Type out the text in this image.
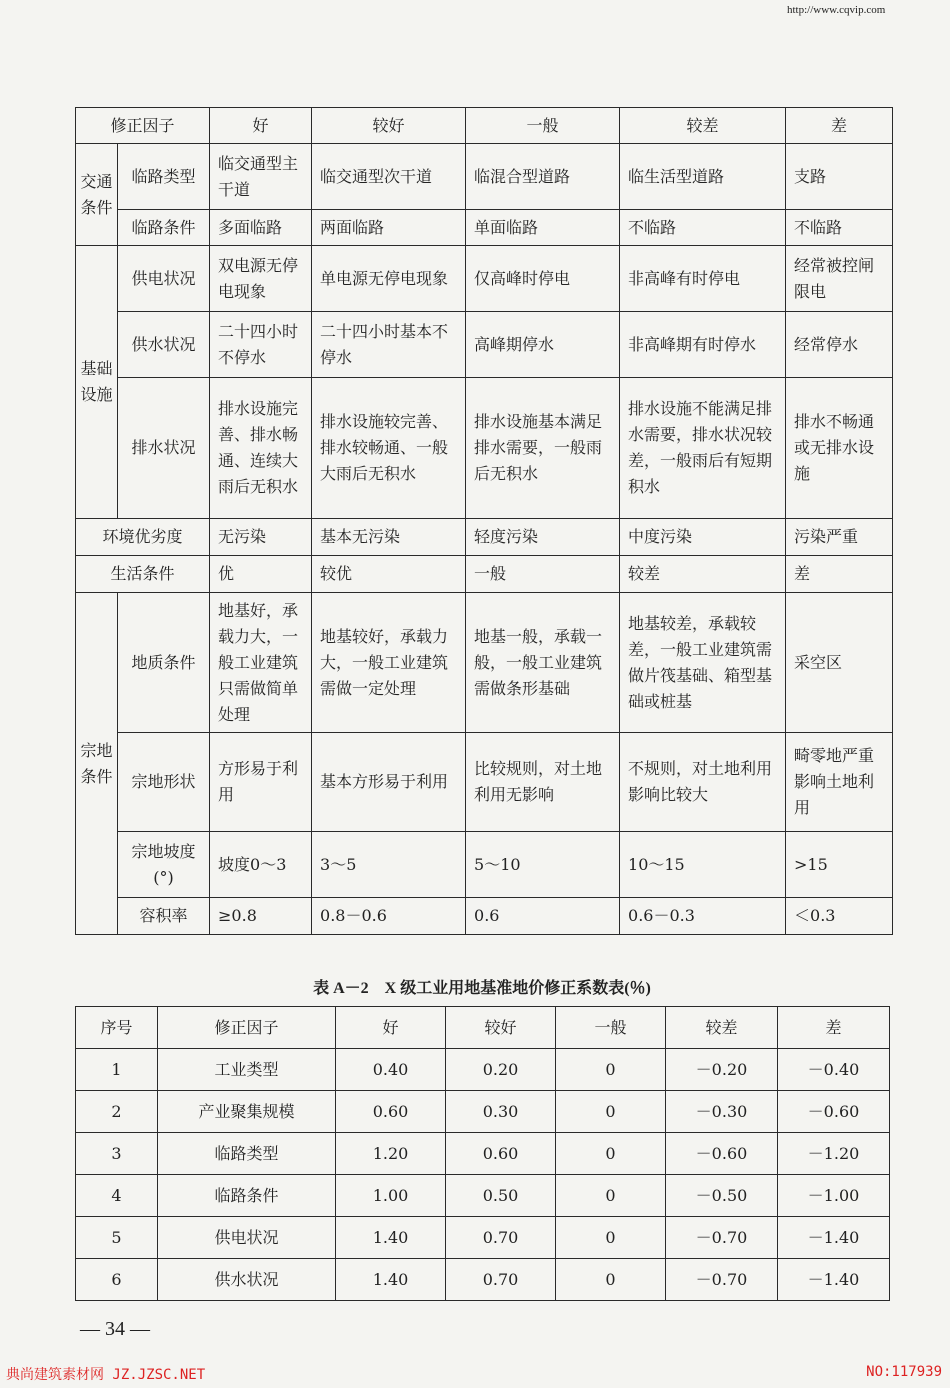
http://www.cqvip.com
修正因子		好	较好	一般	较差	差
交通条件	临路类型	临交通型主干道	临交通型次干道	临混合型道路	临生活型道路	支路
	临路条件	多面临路	两面临路	单面临路	不临路	不临路
基础设施	供电状况	双电源无停电现象	单电源无停电现象	仅高峰时停电	非高峰有时停电	经常被控闸限电
	供水状况	二十四小时不停水	二十四小时基本不停水	高峰期停水	非高峰期有时停水	经常停水
	排水状况	排水设施完善、排水畅通、连续大雨后无积水	排水设施较完善、排水较畅通、一般大雨后无积水	排水设施基本满足排水需要，一般雨后无积水	排水设施不能满足排水需要，排水状况较差，一般雨后有短期积水	排水不畅通或无排水设施
环境优劣度		无污染	基本无污染	轻度污染	中度污染	污染严重
生活条件		优	较优	一般	较差	差
宗地条件	地质条件	地基好，承载力大，一般工业建筑只需做简单处理	地基较好，承载力大，一般工业建筑需做一定处理	地基一般，承载一般，一般工业建筑需做条形基础	地基较差，承载较差，一般工业建筑需做片筏基础、箱型基础或桩基	采空区
	宗地形状	方形易于利用	基本方形易于利用	比较规则，对土地利用无影响	不规则，对土地利用影响比较大	畸零地严重影响土地利用
	宗地坡度(°)	坡度0～3	3～5	5～10	10～15	>15
	容积率	≥0.8	0.8－0.6	0.6	0.6－0.3	＜0.3
表 A－2　X 级工业用地基准地价修正系数表(％)
序号	修正因子	好	较好	一般	较差	差
1	工业类型	0.40	0.20	0	－0.20	－0.40
2	产业聚集规模	0.60	0.30	0	－0.30	－0.60
3	临路类型	1.20	0.60	0	－0.60	－1.20
4	临路条件	1.00	0.50	0	－0.50	－1.00
5	供电状况	1.40	0.70	0	－0.70	－1.40
6	供水状况	1.40	0.70	0	－0.70	－1.40
— 34 —
典尚建筑素材网 JZ.JZSC.NET	NO:117939
